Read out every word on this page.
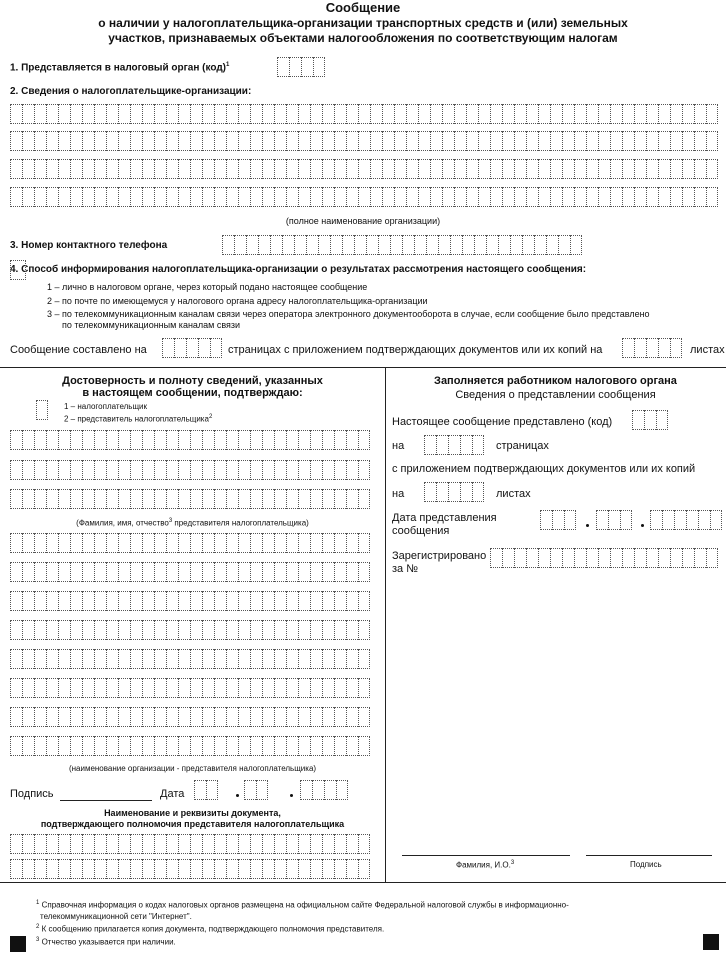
Сообщение
о наличии у налогоплательщика-организации транспортных средств и (или) земельных
участков, признаваемых объектами налогообложения по соответствующим налогам
1. Представляется в налоговый орган (код)$^1$
2. Сведения о налогоплательщике-организации:
(полное наименование организации)
3. Номер контактного телефона
4. Способ информирования налогоплательщика-организации о результатах рассмотрения настоящего сообщения:
1 – лично в налоговом органе, через который подано настоящее сообщение
2 – по почте по имеющемуся у налогового органа адресу налогоплательщика-организации
3 – по телекоммуникационным каналам связи через оператора электронного документооборота в случае, если сообщение было представлено
по телекоммуникационным каналам связи
Сообщение составлено на	страницах с приложением подтверждающих документов или их копий на	листах
Достоверность и полноту сведений, указанных
в настоящем сообщении, подтверждаю:
1 – налогоплательщик
2 – представитель налогоплательщика$^2$
(Фамилия, имя, отчество$^3$ представителя налогоплательщика)
(наименование организации - представителя налогоплательщика)
Подпись	Дата
Наименование и реквизиты документа,
подтверждающего полномочия представителя налогоплательщика
Заполняется работником налогового органа
Сведения о представлении сообщения
Настоящее сообщение представлено (код)
на	страницах
с приложением подтверждающих документов или их копий
на	листах
Дата представления
сообщения
Зарегистрировано
за №
Фамилия, И.О.$^3$	Подпись
$^1$ Справочная информация о кодах налоговых органов размещена на официальном сайте Федеральной налоговой службы в информационно-
телекоммуникационной сети "Интернет".
$^2$ К сообщению прилагается копия документа, подтверждающего полномочия представителя.
$^3$ Отчество указывается при наличии.
